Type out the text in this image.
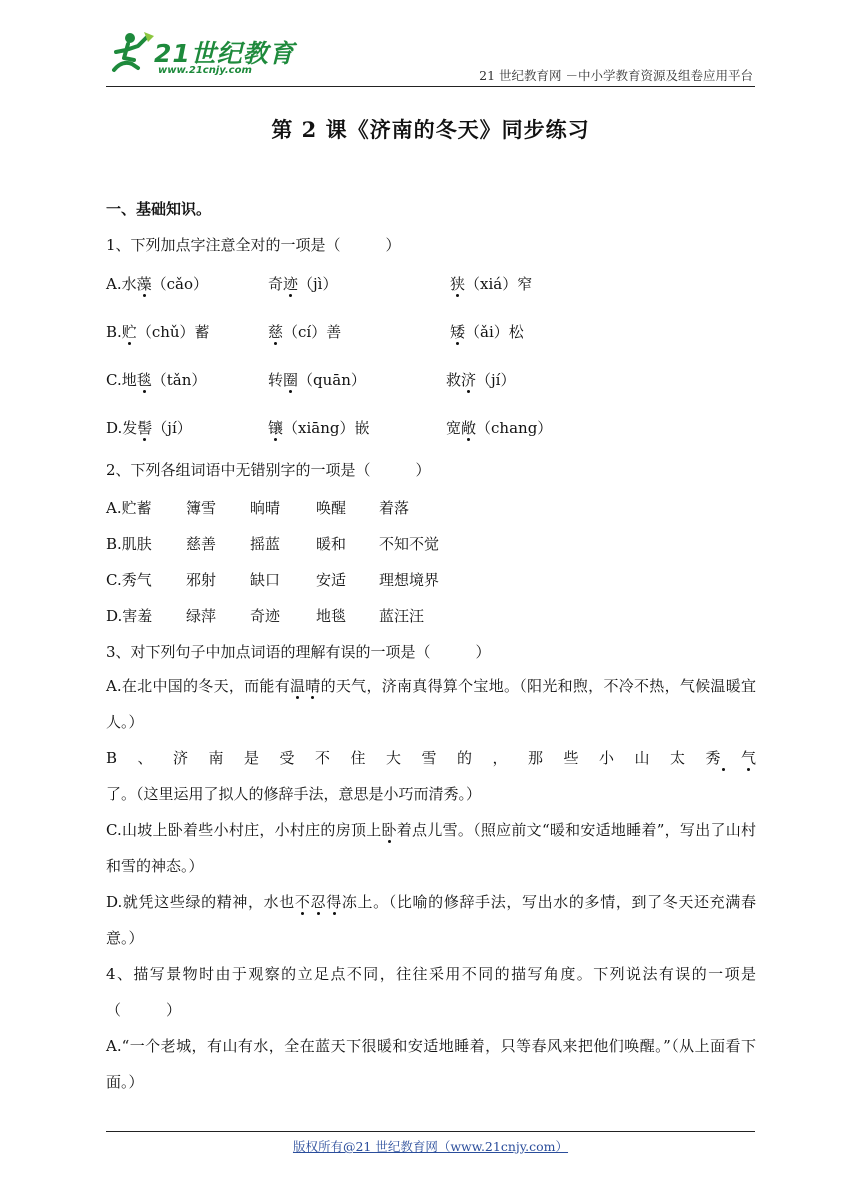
21世纪教育
www.21cnjy.com	21 世纪教育网 －中小学教育资源及组卷应用平台
第 2 课《济南的冬天》同步练习
一、基础知识。
1、下列加点字注意全对的一项是（　　　）
A.水藻（cǎo）	奇迹（jì）	狭（xiá）窄
B.贮（chǔ）蓄	慈（cí）善	矮（ǎi）松
C.地毯（tǎn）	转圈（quān）	救济（jí）
D.发髻（jí）	镶（xiāng）嵌	宽敞（chang）
2、下列各组词语中无错别字的一项是（　　　）
A.贮蓄 簿雪 晌晴 唤醒 着落
B.肌肤 慈善 摇蓝 暖和 不知不觉
C.秀气 邪射 缺口 安适 理想境界
D.害羞 绿萍 奇迹 地毯 蓝汪汪
3、对下列句子中加点词语的理解有误的一项是（　　　）
A.在北中国的冬天，而能有温晴的天气，济南真得算个宝地。（阳光和煦，不冷不热，气候温暖宜人。）
B、济南是受不住大雪的，那些小山太秀气了。（这里运用了拟人的修辞手法，意思是小巧而清秀。）
C.山坡上卧着些小村庄，小村庄的房顶上卧着点儿雪。（照应前文“暖和安适地睡着”，写出了山村和雪的神态。）
D.就凭这些绿的精神，水也不忍得冻上。（比喻的修辞手法，写出水的多情，到了冬天还充满春意。）
4、描写景物时由于观察的立足点不同，往往采用不同的描写角度。下列说法有误的一项是（　　　）
A.“一个老城，有山有水，全在蓝天下很暖和安适地睡着，只等春风来把他们唤醒。”（从上面看下面。）
版权所有@21 世纪教育网（www.21cnjy.com）
